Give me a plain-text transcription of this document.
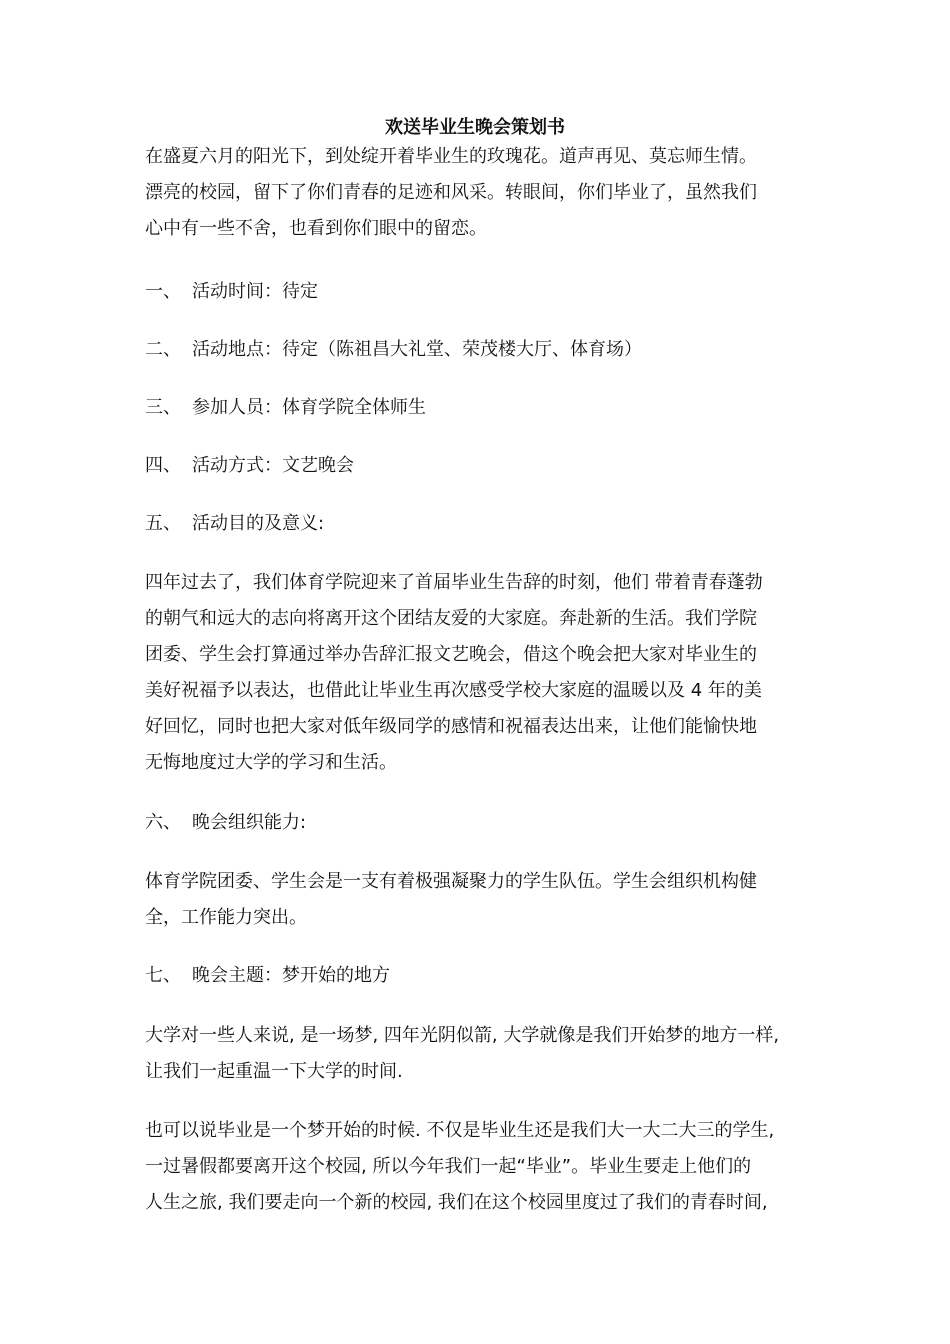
欢送毕业生晚会策划书
在盛夏六月的阳光下，到处绽开着毕业生的玫瑰花。道声再见、莫忘师生情。
漂亮的校园，留下了你们青春的足迹和风采。转眼间，你们毕业了，虽然我们
心中有一些不舍，也看到你们眼中的留恋。
一、 活动时间：待定
二、 活动地点：待定（陈祖昌大礼堂、荣茂楼大厅、体育场）
三、 参加人员：体育学院全体师生
四、 活动方式：文艺晚会
五、 活动目的及意义:
四年过去了，我们体育学院迎来了首届毕业生告辞的时刻，他们 带着青春蓬勃
的朝气和远大的志向将离开这个团结友爱的大家庭。奔赴新的生活。我们学院
团委、学生会打算通过举办告辞汇报文艺晚会，借这个晚会把大家对毕业生的
美好祝福予以表达，也借此让毕业生再次感受学校大家庭的温暖以及 4 年的美
好回忆，同时也把大家对低年级同学的感情和祝福表达出来，让他们能愉快地
无悔地度过大学的学习和生活。
六、 晚会组织能力:
体育学院团委、学生会是一支有着极强凝聚力的学生队伍。学生会组织机构健
全，工作能力突出。
七、 晚会主题：梦开始的地方
大学对一些人来说, 是一场梦, 四年光阴似箭, 大学就像是我们开始梦的地方一样,
让我们一起重温一下大学的时间.
也可以说毕业是一个梦开始的时候. 不仅是毕业生还是我们大一大二大三的学生,
一过暑假都要离开这个校园, 所以今年我们一起“毕业”。毕业生要走上他们的
人生之旅, 我们要走向一个新的校园, 我们在这个校园里度过了我们的青春时间,
